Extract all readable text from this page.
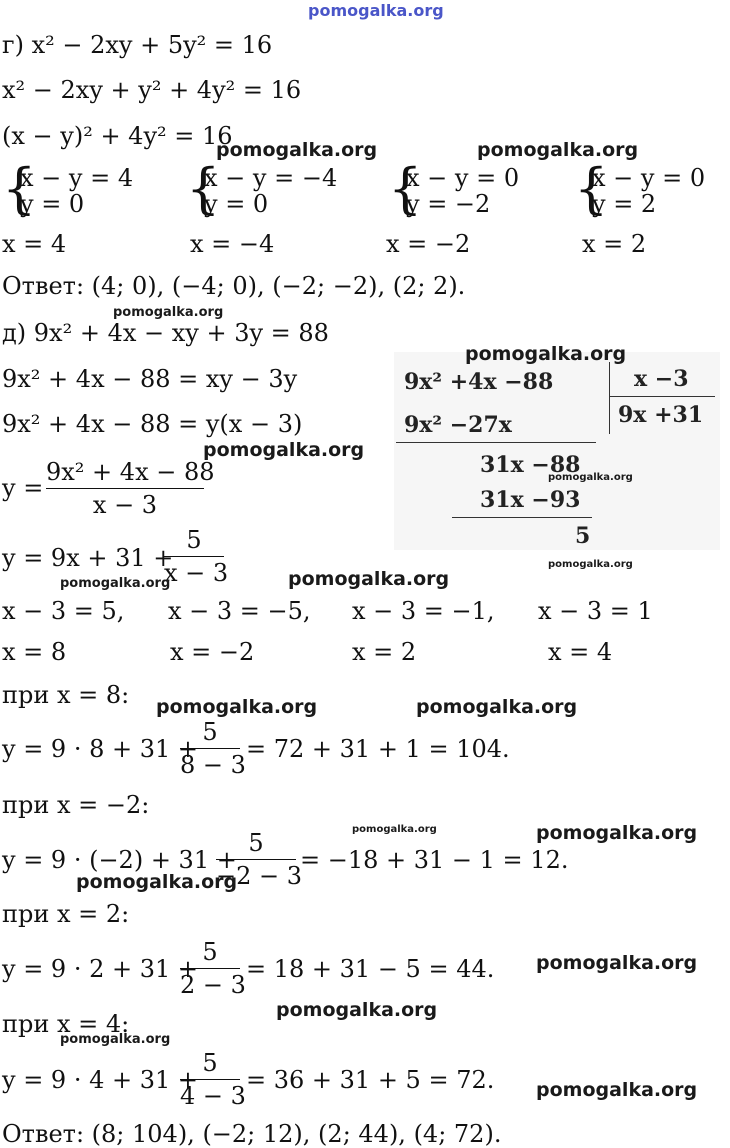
pomogalka.org
г) x² − 2xy + 5y² = 16
x² − 2xy + y² + 4y² = 16
(x − y)² + 4y² = 16
pomogalka.org	pomogalka.org
{
x − y = 4
y = 0 {
x − y = −4
y = 0 {
x − y = 0
y = −2 {
x − y = 0
y = 2
x = 4	x = −4	x = −2	x = 2
Ответ: (4; 0), (−4; 0), (−2; −2), (2; 2).
pomogalka.org
д) 9x² + 4x − xy + 3y = 88
9x² + 4x − 88 = xy − 3y
9x² + 4x − 88 = y(x − 3)
pomogalka.org
9x² +4x −88	x −3
9x +31
9x² −27x
31x −88
pomogalka.org
31x −93
5
pomogalka.org
y =
9x² + 4x − 88
x − 3
pomogalka.org
y = 9x + 31 +
5
x − 3
pomogalka.org	pomogalka.org
x − 3 = 5, x − 3 = −5, x − 3 = −1, x − 3 = 1
x = 8	x = −2	x = 2	x = 4
при x = 8: pomogalka.org	pomogalka.org
y = 9 · 8 + 31 +
5
8 − 3
= 72 + 31 + 1 = 104.
при x = −2:
pomogalka.org	pomogalka.org
y = 9 · (−2) + 31 +
5
−2 − 3
= −18 + 31 − 1 = 12.
pomogalka.org
при x = 2:
y = 9 · 2 + 31 +
5
2 − 3
= 18 + 31 − 5 = 44. pomogalka.org
при x = 4:	pomogalka.org
pomogalka.org
y = 9 · 4 + 31 +
5
4 − 3
= 36 + 31 + 5 = 72. pomogalka.org
Ответ: (8; 104), (−2; 12), (2; 44), (4; 72).
